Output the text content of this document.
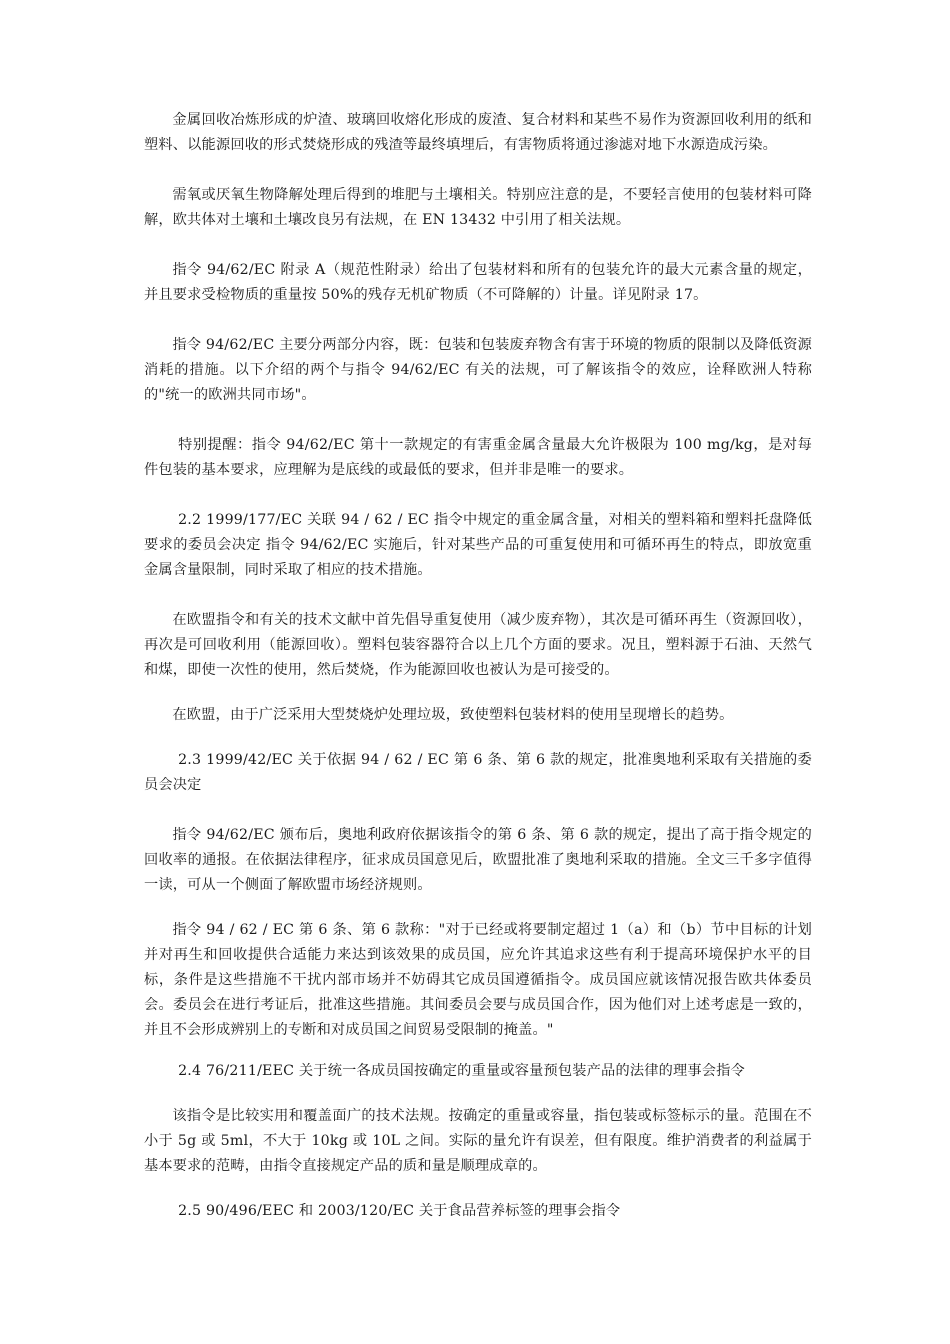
金属回收冶炼形成的炉渣、玻璃回收熔化形成的废渣、复合材料和某些不易作为资源回收利用的纸和塑料、以能源回收的形式焚烧形成的残渣等最终填埋后，有害物质将通过渗滤对地下水源造成污染。

需氧或厌氧生物降解处理后得到的堆肥与土壤相关。特别应注意的是，不要轻言使用的包装材料可降解，欧共体对土壤和土壤改良另有法规，在 EN 13432 中引用了相关法规。

指令 94/62/EC 附录 A（规范性附录）给出了包装材料和所有的包装允许的最大元素含量的规定，并且要求受检物质的重量按 50%的残存无机矿物质（不可降解的）计量。详见附录 17。

指令 94/62/EC 主要分两部分内容，既：包装和包装废弃物含有害于环境的物质的限制以及降低资源消耗的措施。以下介绍的两个与指令 94/62/EC 有关的法规，可了解该指令的效应，诠释欧洲人特称的"统一的欧洲共同市场"。

特别提醒：指令 94/62/EC 第十一款规定的有害重金属含量最大允许极限为 100 mg/kg，是对每件包装的基本要求，应理解为是底线的或最低的要求，但并非是唯一的要求。

2.2 1999/177/EC 关联 94 / 62 / EC 指令中规定的重金属含量，对相关的塑料箱和塑料托盘降低要求的委员会决定 指令 94/62/EC 实施后，针对某些产品的可重复使用和可循环再生的特点，即放宽重金属含量限制，同时采取了相应的技术措施。

在欧盟指令和有关的技术文献中首先倡导重复使用（减少废弃物），其次是可循环再生（资源回收），再次是可回收利用（能源回收）。塑料包装容器符合以上几个方面的要求。况且，塑料源于石油、天然气和煤，即使一次性的使用，然后焚烧，作为能源回收也被认为是可接受的。

在欧盟，由于广泛采用大型焚烧炉处理垃圾，致使塑料包装材料的使用呈现增长的趋势。

2.3 1999/42/EC 关于依据 94 / 62 / EC 第 6 条、第 6 款的规定，批准奥地利采取有关措施的委员会决定

指令 94/62/EC 颁布后，奥地利政府依据该指令的第 6 条、第 6 款的规定，提出了高于指令规定的回收率的通报。在依据法律程序，征求成员国意见后，欧盟批准了奥地利采取的措施。全文三千多字值得一读，可从一个侧面了解欧盟市场经济规则。

指令 94 / 62 / EC 第 6 条、第 6 款称："对于已经或将要制定超过 1（a）和（b）节中目标的计划并对再生和回收提供合适能力来达到该效果的成员国，应允许其追求这些有利于提高环境保护水平的目标，条件是这些措施不干扰内部市场并不妨碍其它成员国遵循指令。成员国应就该情况报告欧共体委员会。委员会在进行考证后，批准这些措施。其间委员会要与成员国合作，因为他们对上述考虑是一致的，并且不会形成辨别上的专断和对成员国之间贸易受限制的掩盖。"

2.4 76/211/EEC 关于统一各成员国按确定的重量或容量预包装产品的法律的理事会指令

该指令是比较实用和覆盖面广的技术法规。按确定的重量或容量，指包装或标签标示的量。范围在不小于 5g 或 5ml，不大于 10kg 或 10L 之间。实际的量允许有误差，但有限度。维护消费者的利益属于基本要求的范畴，由指令直接规定产品的质和量是顺理成章的。

2.5 90/496/EEC 和 2003/120/EC 关于食品营养标签的理事会指令
